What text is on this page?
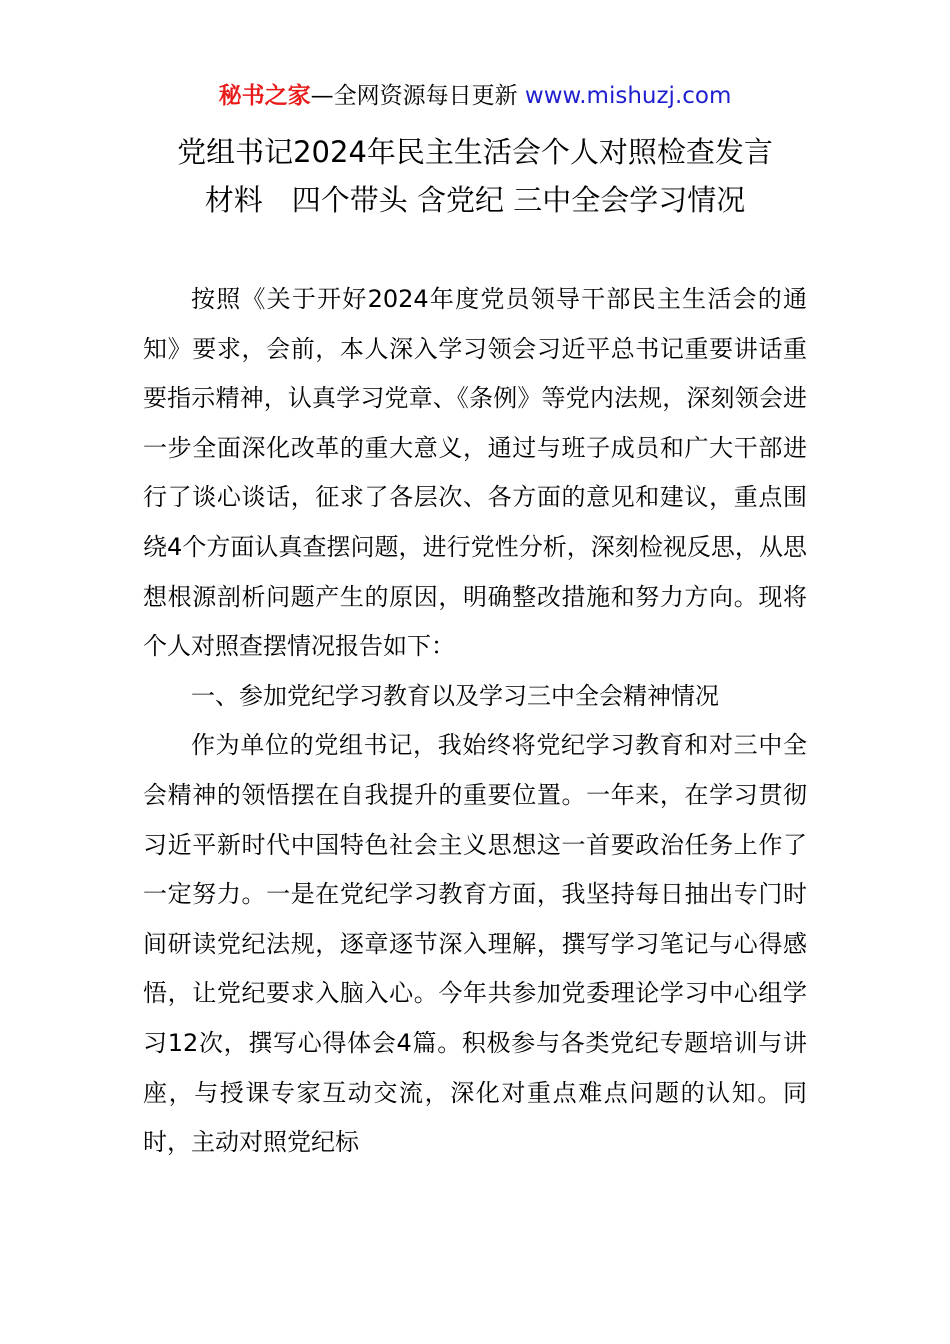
秘书之家—全网资源每日更新 www.mishuzj.com
党组书记2024年民主生活会个人对照检查发言
材料　四个带头 含党纪 三中全会学习情况

按照《关于开好2024年度党员领导干部民主生活会的通知》要求，会前，本人深入学习领会习近平总书记重要讲话重要指示精神，认真学习党章、《条例》等党内法规，深刻领会进一步全面深化改革的重大意义，通过与班子成员和广大干部进行了谈心谈话，征求了各层次、各方面的意见和建议，重点围绕4个方面认真查摆问题，进行党性分析，深刻检视反思，从思想根源剖析问题产生的原因，明确整改措施和努力方向。现将个人对照查摆情况报告如下：

一、参加党纪学习教育以及学习三中全会精神情况

作为单位的党组书记，我始终将党纪学习教育和对三中全会精神的领悟摆在自我提升的重要位置。一年来，在学习贯彻习近平新时代中国特色社会主义思想这一首要政治任务上作了一定努力。一是在党纪学习教育方面，我坚持每日抽出专门时间研读党纪法规，逐章逐节深入理解，撰写学习笔记与心得感悟，让党纪要求入脑入心。今年共参加党委理论学习中心组学习12次，撰写心得体会4篇。积极参与各类党纪专题培训与讲座，与授课专家互动交流，深化对重点难点问题的认知。同时，主动对照党纪标
